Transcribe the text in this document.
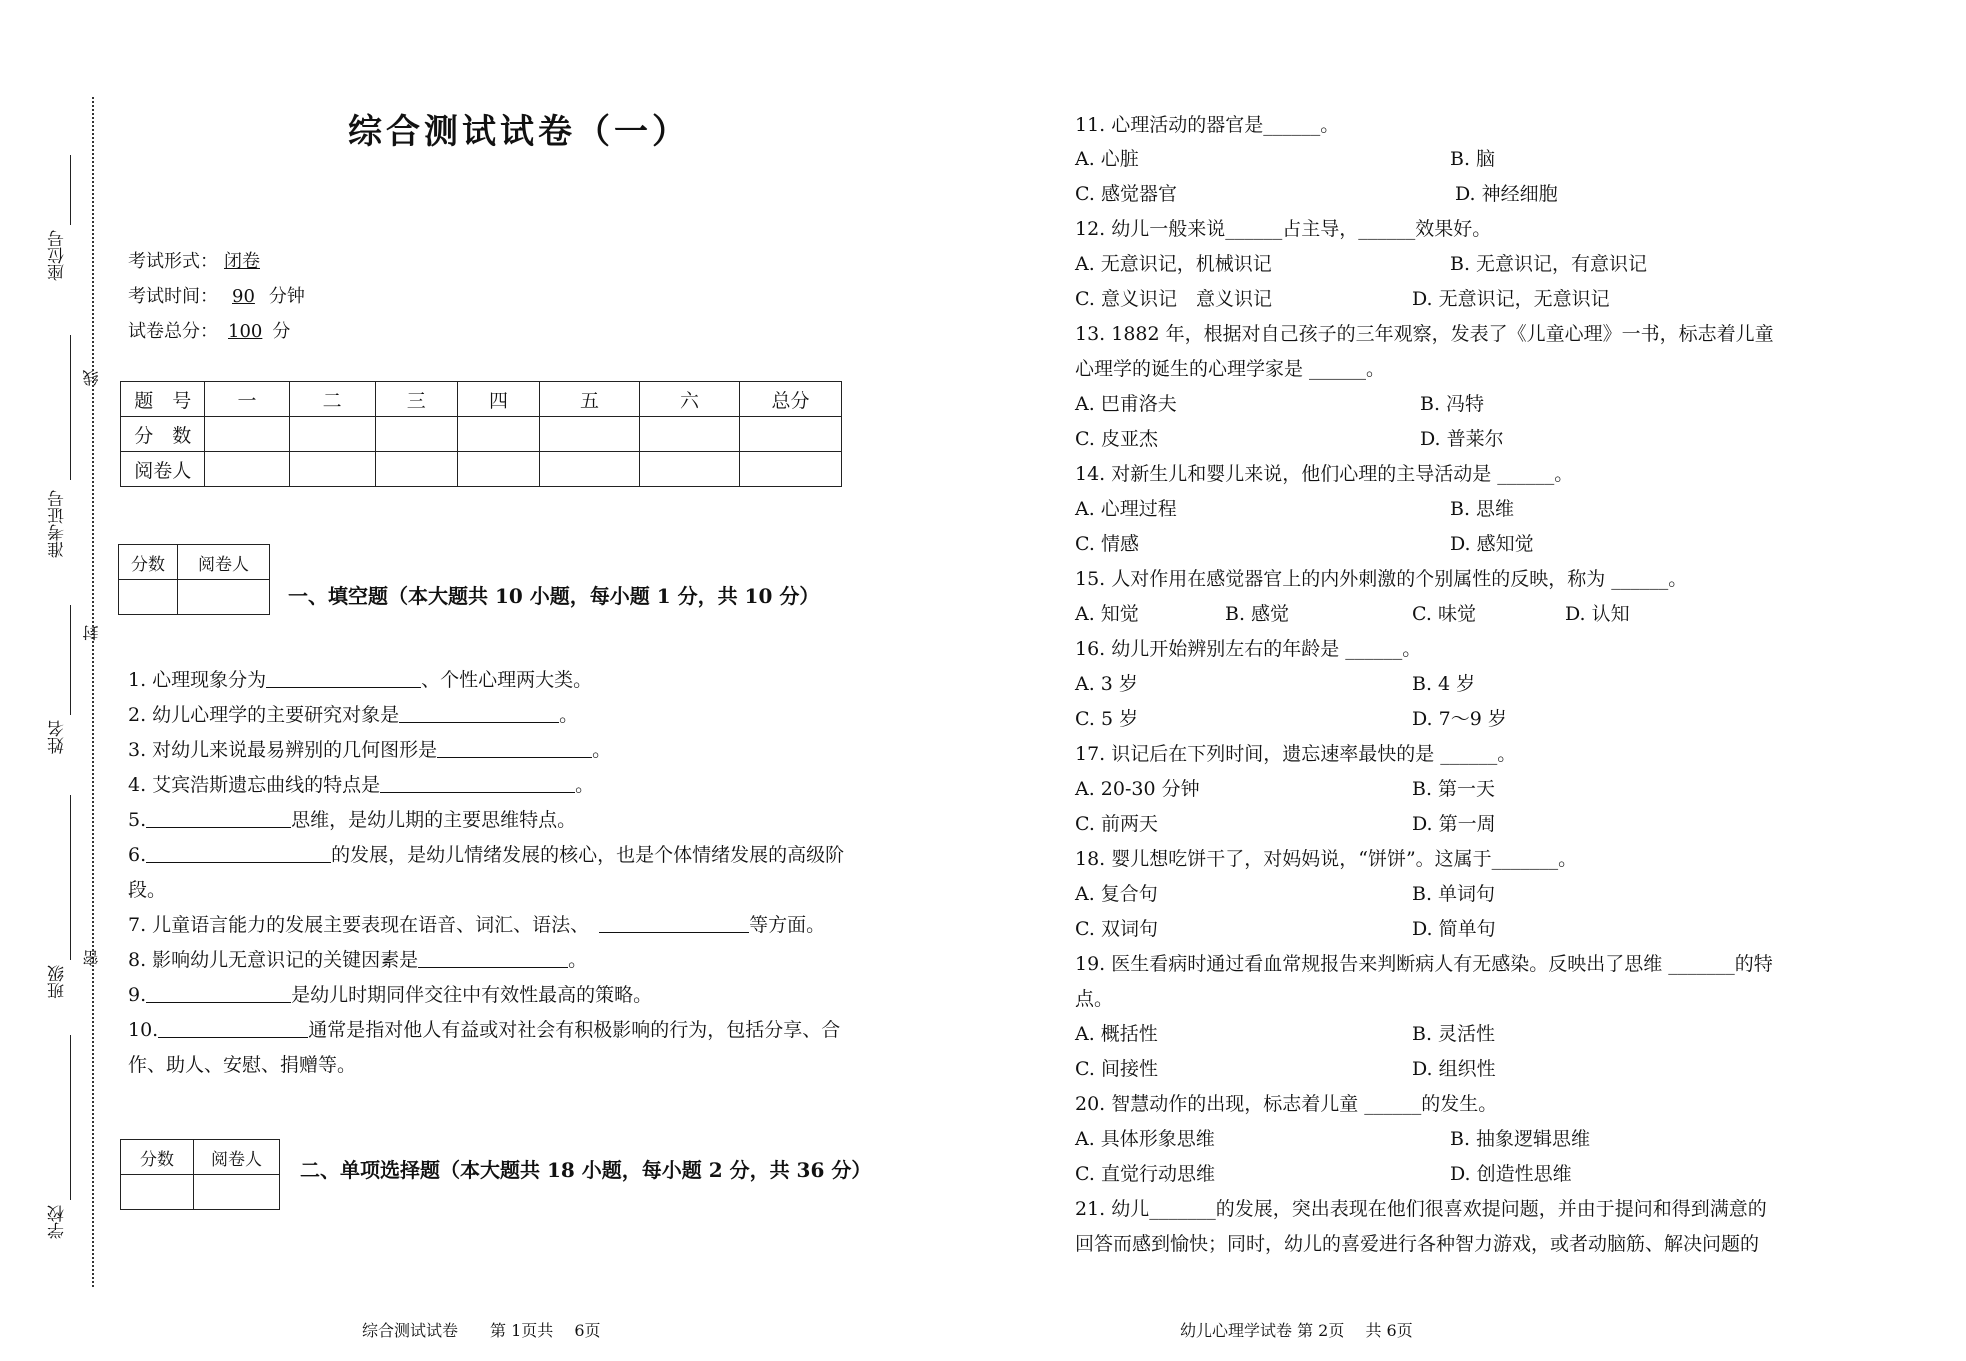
座位号
线
准考证号
封
姓名
班级
密
学校
综合测试试卷（一）
考试形式： 闭卷
考试时间： 90 分钟
试卷总分： 100 分
题　号	一	二	三	四	五	六	总分
分　数							
阅卷人							
分数	阅卷人

一、填空题（本大题共 10 小题，每小题 1 分，共 10 分）
1. 心理现象分为	、个性心理两大类。
2. 幼儿心理学的主要研究对象是	。
3. 对幼儿来说最易辨别的几何图形是	。
4. 艾宾浩斯遗忘曲线的特点是	。
5.	思维，是幼儿期的主要思维特点。
6.	的发展，是幼儿情绪发展的核心，也是个体情绪发展的高级阶
段。
7. 儿童语言能力的发展主要表现在语音、词汇、语法、	等方面。
8. 影响幼儿无意识记的关键因素是	。
9.	是幼儿时期同伴交往中有效性最高的策略。
10.	通常是指对他人有益或对社会有积极影响的行为，包括分享、合
作、助人、安慰、捐赠等。
分数	阅卷人
	二、单项选择题（本大题共 18 小题，每小题 2 分，共 36 分）
综合测试试卷　　第 1页共　 6页
11. 心理活动的器官是______。
A. 心脏	B. 脑
C. 感觉器官	D. 神经细胞
12. 幼儿一般来说______占主导，______效果好。
A. 无意识记，机械识记	B. 无意识记，有意识记
C. 意义识记　意义识记	D. 无意识记，无意识记
13. 1882 年，根据对自己孩子的三年观察，发表了《儿童心理》一书，标志着儿童
心理学的诞生的心理学家是 ______。
A. 巴甫洛夫	B. 冯特
C. 皮亚杰	D. 普莱尔
14. 对新生儿和婴儿来说，他们心理的主导活动是 ______。
A. 心理过程	B. 思维
C. 情感	D. 感知觉
15. 人对作用在感觉器官上的内外刺激的个别属性的反映，称为 ______。
A. 知觉	B. 感觉	C. 味觉	D. 认知
16. 幼儿开始辨别左右的年龄是 ______。
A. 3 岁	B. 4 岁
C. 5 岁	D. 7～9 岁
17. 识记后在下列时间，遗忘速率最快的是 ______。
A. 20-30 分钟	B. 第一天
C. 前两天	D. 第一周
18. 婴儿想吃饼干了，对妈妈说，“饼饼”。这属于_______。
A. 复合句	B. 单词句
C. 双词句	D. 简单句
19. 医生看病时通过看血常规报告来判断病人有无感染。反映出了思维 _______的特
点。
A. 概括性	B. 灵活性
C. 间接性	D. 组织性
20. 智慧动作的出现，标志着儿童 ______的发生。
A. 具体形象思维	B. 抽象逻辑思维
C. 直觉行动思维	D. 创造性思维
21. 幼儿_______的发展，突出表现在他们很喜欢提问题，并由于提问和得到满意的
回答而感到愉快；同时，幼儿的喜爱进行各种智力游戏，或者动脑筋、解决问题的
幼儿心理学试卷 第 2页　 共 6页
